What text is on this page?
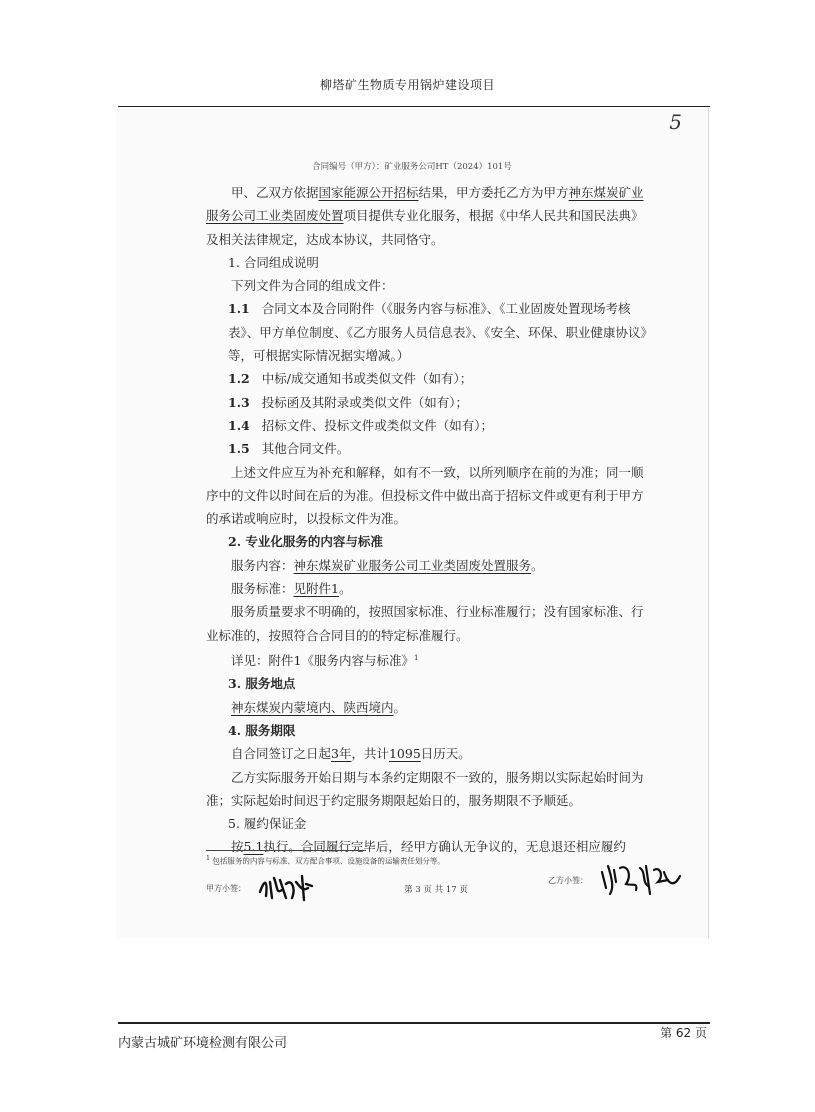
柳塔矿生物质专用锅炉建设项目
5
合同编号（甲方）：矿业服务公司HT（2024）101号

甲、乙双方依据国家能源公开招标结果，甲方委托乙方为甲方神东煤炭矿业服务公司工业类固废处置项目提供专业化服务，根据《中华人民共和国民法典》及相关法律规定，达成本协议，共同恪守。

1. 合同组成说明

下列文件为合同的组成文件：

1.1 合同文本及合同附件（《服务内容与标准》、《工业固废处置现场考核表》、甲方单位制度、《乙方服务人员信息表》、《安全、环保、职业健康协议》等，可根据实际情况据实增减。）

1.2 中标/成交通知书或类似文件（如有）；

1.3 投标函及其附录或类似文件（如有）；

1.4 招标文件、投标文件或类似文件（如有）；

1.5 其他合同文件。

上述文件应互为补充和解释，如有不一致，以所列顺序在前的为准；同一顺序中的文件以时间在后的为准。但投标文件中做出高于招标文件或更有利于甲方的承诺或响应时，以投标文件为准。

2. 专业化服务的内容与标准

服务内容：神东煤炭矿业服务公司工业类固废处置服务。

服务标准：见附件1。

服务质量要求不明确的，按照国家标准、行业标准履行；没有国家标准、行业标准的，按照符合合同目的的特定标准履行。

详见：附件1《服务内容与标准》$^1$

3. 服务地点

神东煤炭内蒙境内、陕西境内。

4. 服务期限

自合同签订之日起3年，共计1095日历天。

乙方实际服务开始日期与本条约定期限不一致的，服务期以实际起始时间为准；实际起始时间迟于约定服务期限起始日的，服务期限不予顺延。

5. 履约保证金

按5.1执行。合同履行完毕后，经甲方确认无争议的，无息退还相应履约

$^1$ 包括服务的内容与标准、双方配合事项、设施设备的运输责任划分等。
甲方小签：	第 3 页 共 17 页
乙方小签：
内蒙古城矿环境检测有限公司
第 62 页
